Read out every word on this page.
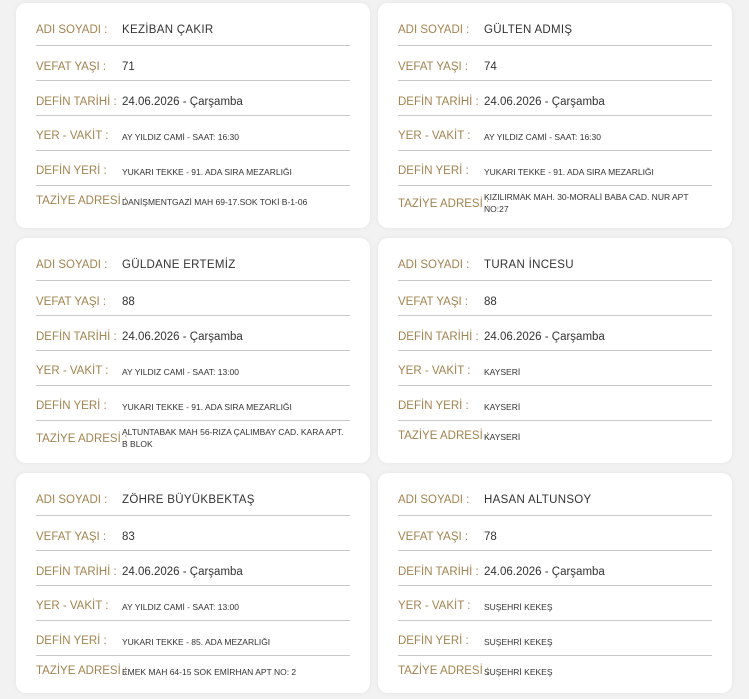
ADI SOYADI :	KEZİBAN ÇAKIR
VEFAT YAŞI :	71
DEFİN TARİHİ : 24.06.2026 - Çarşamba
YER - VAKİT :	AY YILDIZ CAMİ - SAAT: 16:30
DEFİN YERİ :	YUKARI TEKKE - 91. ADA SIRA MEZARLIĞI
TAZİYE ADRESİ :
DANİŞMENTGAZİ MAH 69-17.SOK TOKİ B-1-06
ADI SOYADI :	GÜLTEN ADMIŞ
VEFAT YAŞI :	74
DEFİN TARİHİ : 24.06.2026 - Çarşamba
YER - VAKİT :	AY YILDIZ CAMİ - SAAT: 16:30
DEFİN YERİ :	YUKARI TEKKE - 91. ADA SIRA MEZARLIĞI
TAZİYE ADRESİ :
KIZILIRMAK MAH. 30-MORALİ BABA CAD. NUR APT NO:27
ADI SOYADI :	GÜLDANE ERTEMİZ
VEFAT YAŞI :	88
DEFİN TARİHİ : 24.06.2026 - Çarşamba
YER - VAKİT :	AY YILDIZ CAMİ - SAAT: 13:00
DEFİN YERİ :	YUKARI TEKKE - 91. ADA SIRA MEZARLIĞI
TAZİYE ADRESİ :
ALTUNTABAK MAH 56-RIZA ÇALIMBAY CAD. KARA APT. B BLOK
ADI SOYADI :	TURAN İNCESU
VEFAT YAŞI :	88
DEFİN TARİHİ : 24.06.2026 - Çarşamba
YER - VAKİT :	KAYSERİ
DEFİN YERİ :	KAYSERİ
TAZİYE ADRESİ :
KAYSERİ
ADI SOYADI :	ZÖHRE BÜYÜKBEKTAŞ
VEFAT YAŞI :	83
DEFİN TARİHİ : 24.06.2026 - Çarşamba
YER - VAKİT :	AY YILDIZ CAMİ - SAAT: 13:00
DEFİN YERİ :	YUKARI TEKKE - 85. ADA MEZARLIĞI
TAZİYE ADRESİ :
EMEK MAH 64-15 SOK EMİRHAN APT NO: 2
ADI SOYADI :	HASAN ALTUNSOY
VEFAT YAŞI :	78
DEFİN TARİHİ : 24.06.2026 - Çarşamba
YER - VAKİT :	SUŞEHRİ KEKEŞ
DEFİN YERİ :	SUŞEHRİ KEKEŞ
TAZİYE ADRESİ :
SUŞEHRİ KEKEŞ
